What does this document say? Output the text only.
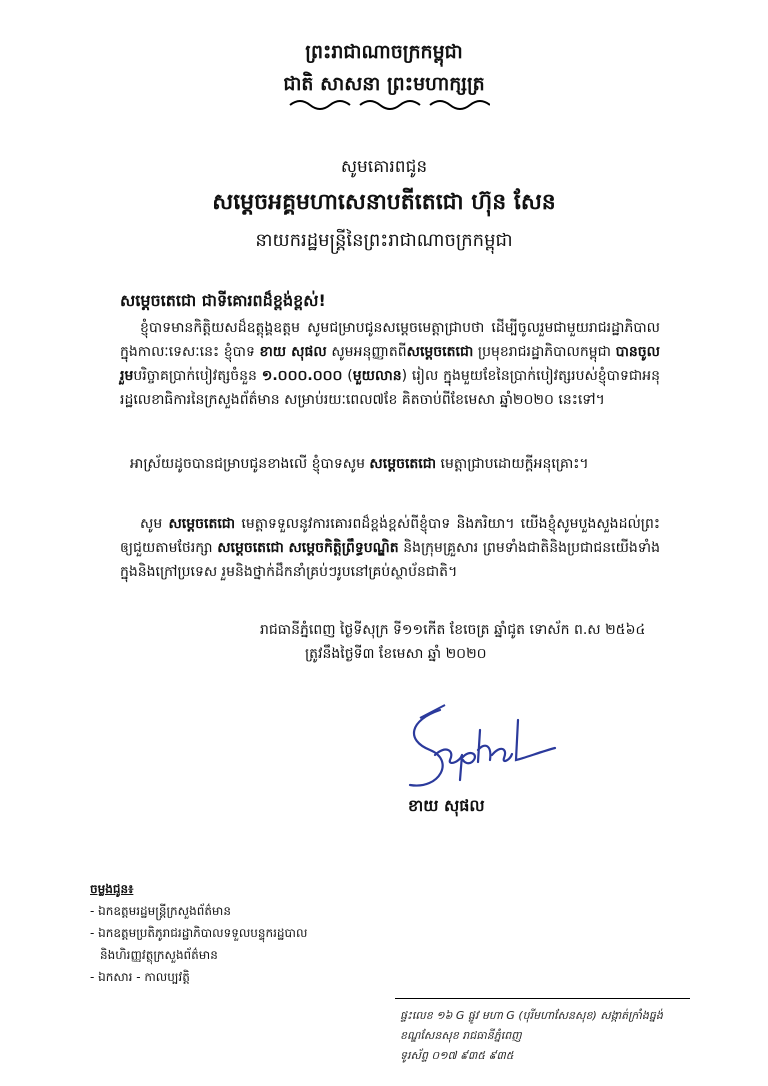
ព្រះរាជាណាចក្រកម្ពុជា
ជាតិ សាសនា ព្រះមហាក្សត្រ
សូមគោរពជូន
សម្តេចអគ្គមហាសេនាបតីតេជោ ហ៊ុន សែន
នាយករដ្ឋមន្ត្រីនៃព្រះរាជាណាចក្រកម្ពុជា
សម្តេចតេជោ ជាទីគោរពដ៏ខ្ពង់ខ្ពស់!

ខ្ញុំបាទមានកិត្តិយសដ៏ឧត្តុង្គឧត្តម សូមជម្រាបជូនសម្តេចមេត្តាជ្រាបថា ដើម្បីចូលរួមជាមួយរាជរដ្ឋាភិបាលក្នុងកាលៈទេសៈនេះ ខ្ញុំបាទ ខាយ សុផល សូមអនុញ្ញាតពីសម្តេចតេជោ ប្រមុខរាជរដ្ឋាភិបាលកម្ពុជា បានចូលរួមបរិច្ចាគប្រាក់បៀវត្សចំនួន ១.០០០.០០០ (មួយលាន) រៀល ក្នុងមួយខែនៃប្រាក់បៀវត្សរបស់ខ្ញុំបាទជាអនុរដ្ឋលេខាធិការនៃក្រសួងព័ត៌មាន សម្រាប់រយៈពេល៧ខែ គិតចាប់ពីខែមេសា ឆ្នាំ២០២០ នេះទៅ។

អាស្រ័យដូចបានជម្រាបជូនខាងលើ ខ្ញុំបាទសូម សម្តេចតេជោ មេត្តាជ្រាបដោយក្តីអនុគ្រោះ។

សូម សម្តេចតេជោ មេត្តាទទួលនូវការគោរពដ៏ខ្ពង់ខ្ពស់ពីខ្ញុំបាទ និងភរិយា។ យើងខ្ញុំសូមបួងសួងដល់ព្រះឲ្យជួយតាមថែរក្សា សម្តេចតេជោ សម្តេចកិត្តិព្រឹទ្ធបណ្ឌិត និងក្រុមគ្រួសារ ព្រមទាំងជាតិនិងប្រជាជនយើងទាំងក្នុងនិងក្រៅប្រទេស រួមនិងថ្នាក់ដឹកនាំគ្រប់ៗរូបនៅគ្រប់ស្ថាប័នជាតិ។

រាជធានីភ្នំពេញ ថ្ងៃទីសុក្រ ទី១១កើត ខែចេត្រ ឆ្នាំជូត ទោស័ក ព.ស ២៥៦៤
ត្រូវនឹងថ្ងៃទី៣ ខែមេសា ឆ្នាំ ២០២០
ខាយ សុផល
ចម្លងជូន៖
- ឯកឧត្តមរដ្ឋមន្ត្រីក្រសួងព័ត៌មាន
- ឯកឧត្តមប្រតិភូរាជរដ្ឋាភិបាលទទួលបន្ទុករដ្ឋបាល
និងហិរញ្ញវត្ថុក្រសួងព័ត៌មាន
- ឯកសារ - កាលប្បវត្តិ
ផ្ទះលេខ ១៦ G ផ្លូវ មហា G (បុរីមហាសែនសុខ) សង្កាត់ក្រាំងធ្នង់ ខណ្ឌសែនសុខ រាជធានីភ្នំពេញ
ទូរស័ព្ទ ០១៧ ៩៣៥ ៩៣៥
